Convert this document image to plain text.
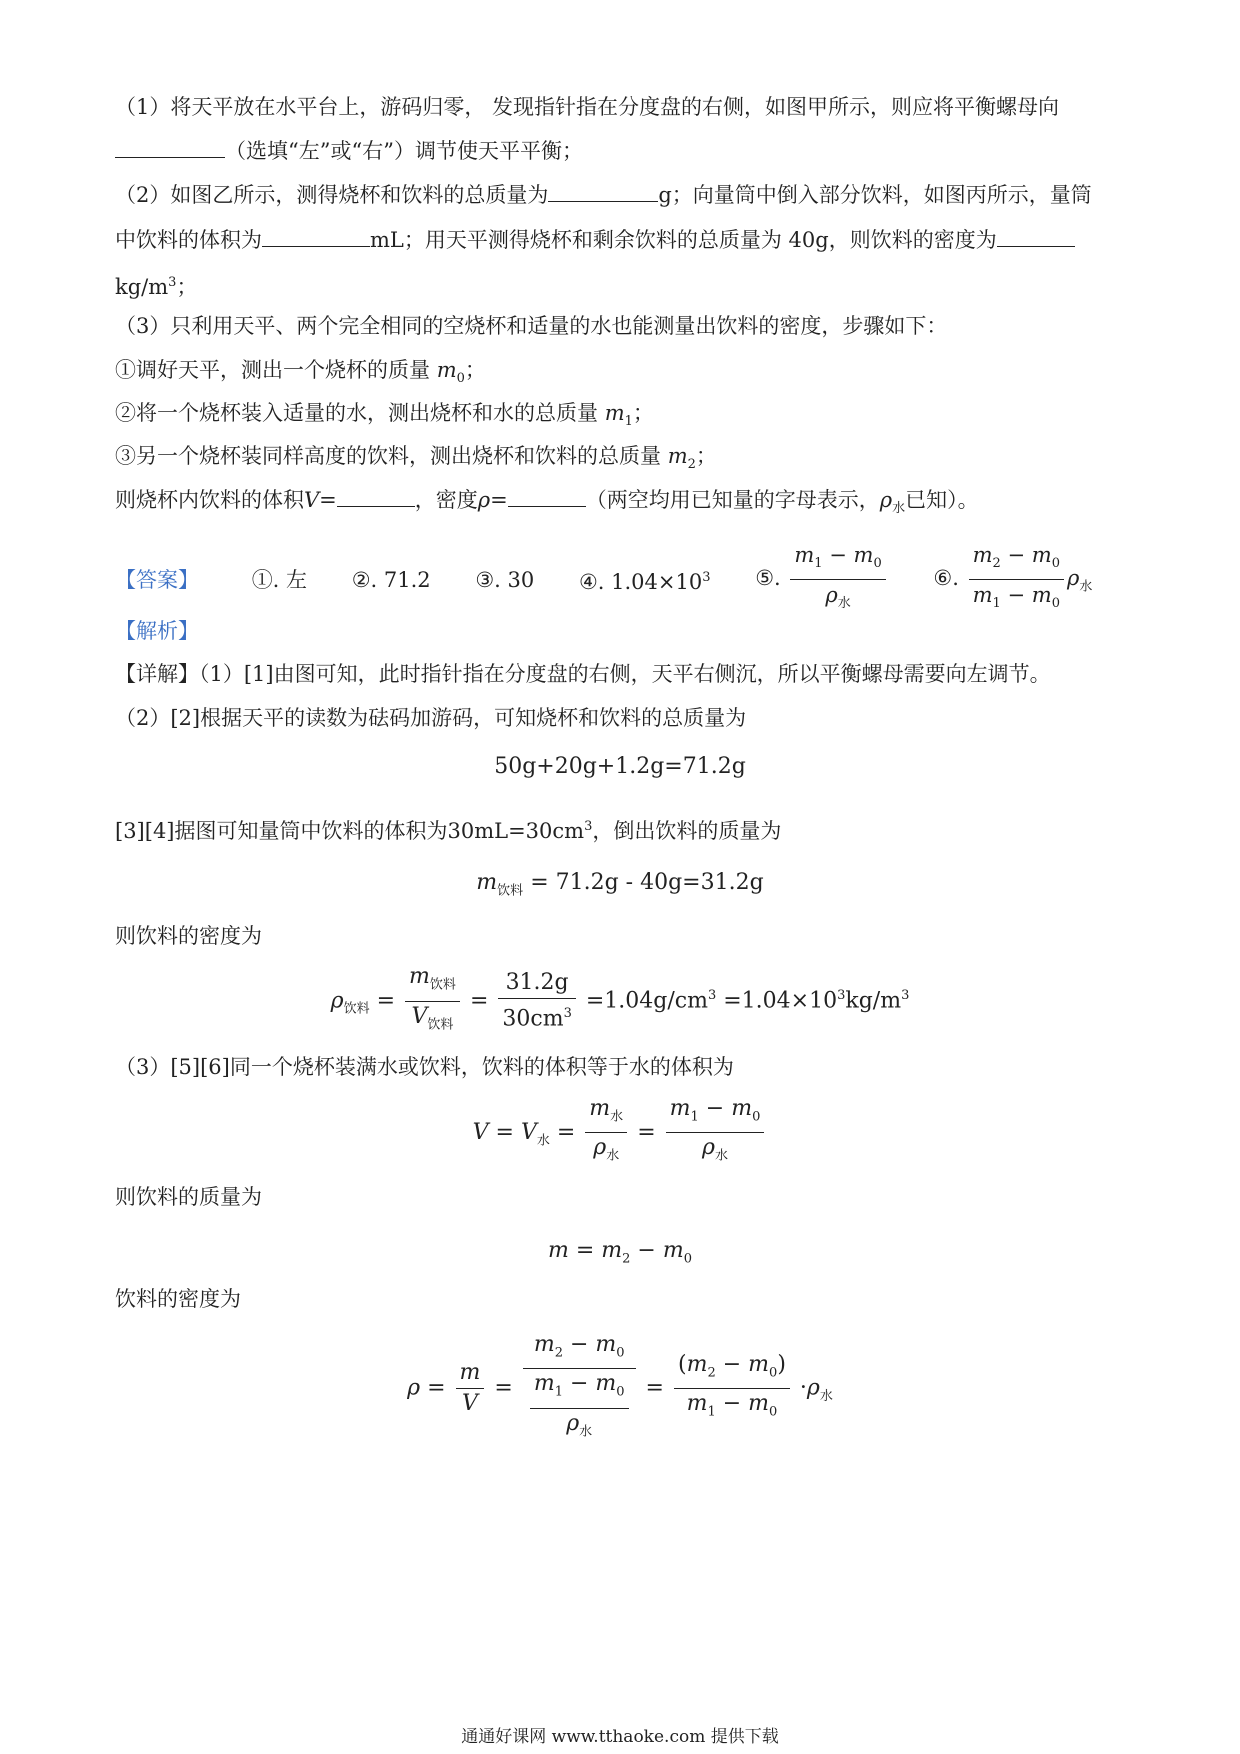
（1）将天平放在水平台上，游码归零， 发现指针指在分度盘的右侧，如图甲所示，则应将平衡螺母向
（选填“左”或“右”）调节使天平平衡；
（2）如图乙所示，测得烧杯和饮料的总质量为	g；向量筒中倒入部分饮料，如图丙所示，量筒
中饮料的体积为	mL；用天平测得烧杯和剩余饮料的总质量为 40g，则饮料的密度为
$kg/m^3$；
（3）只利用天平、两个完全相同的空烧杯和适量的水也能测量出饮料的密度，步骤如下：
①调好天平，测出一个烧杯的质量 $m_0$；
②将一个烧杯装入适量的水，测出烧杯和水的总质量 $m_1$；
③另一个烧杯装同样高度的饮料，测出烧杯和饮料的总质量 $m_2$；
则烧杯内饮料的体积V=	，密度ρ=	（两空均用已知量的字母表示，$\rho_水$已知）。
【答案】	①. 左 ②. 71.2 ③. 30 ④. $1.04\times 10^3$ ⑤. $\frac{m_1 - m_0}{\rho_水}$ ⑥. $\frac{m_2 - m_0}{m_1 - m_0} \rho_水$
【解析】
【详解】（1）[1]由图可知，此时指针指在分度盘的右侧，天平右侧沉，所以平衡螺母需要向左调节。
（2）[2]根据天平的读数为砝码加游码，可知烧杯和饮料的总质量为
50g+20g+1.2g=71.2g
[3][4]据图可知量筒中饮料的体积为$30mL=30cm^3$，倒出饮料的质量为
$m_{饮料} = 71.2g - 40g=31.2g$
则饮料的密度为
$\rho_{饮料} = \frac{m_{饮料}}{V_{饮料}} = \frac{31.2g}{30cm^3} =1.04g/cm^3 =1.04\times 10^3kg/m^3$
（3）[5][6]同一个烧杯装满水或饮料，饮料的体积等于水的体积为
$V = V_水 = \frac{m_水}{\rho_水} = \frac{m_1 - m_0}{\rho_水}$
则饮料的质量为
$m = m_2 - m_0$
饮料的密度为
$\rho = \frac{m}{V} = \frac{m_2 - m_0}{\frac{m_1 - m_0}{\rho_水}} = \frac{(m_2 - m_0)}{m_1 - m_0} \cdot\rho_水$
通通好课网 www.tthaoke.com 提供下载
